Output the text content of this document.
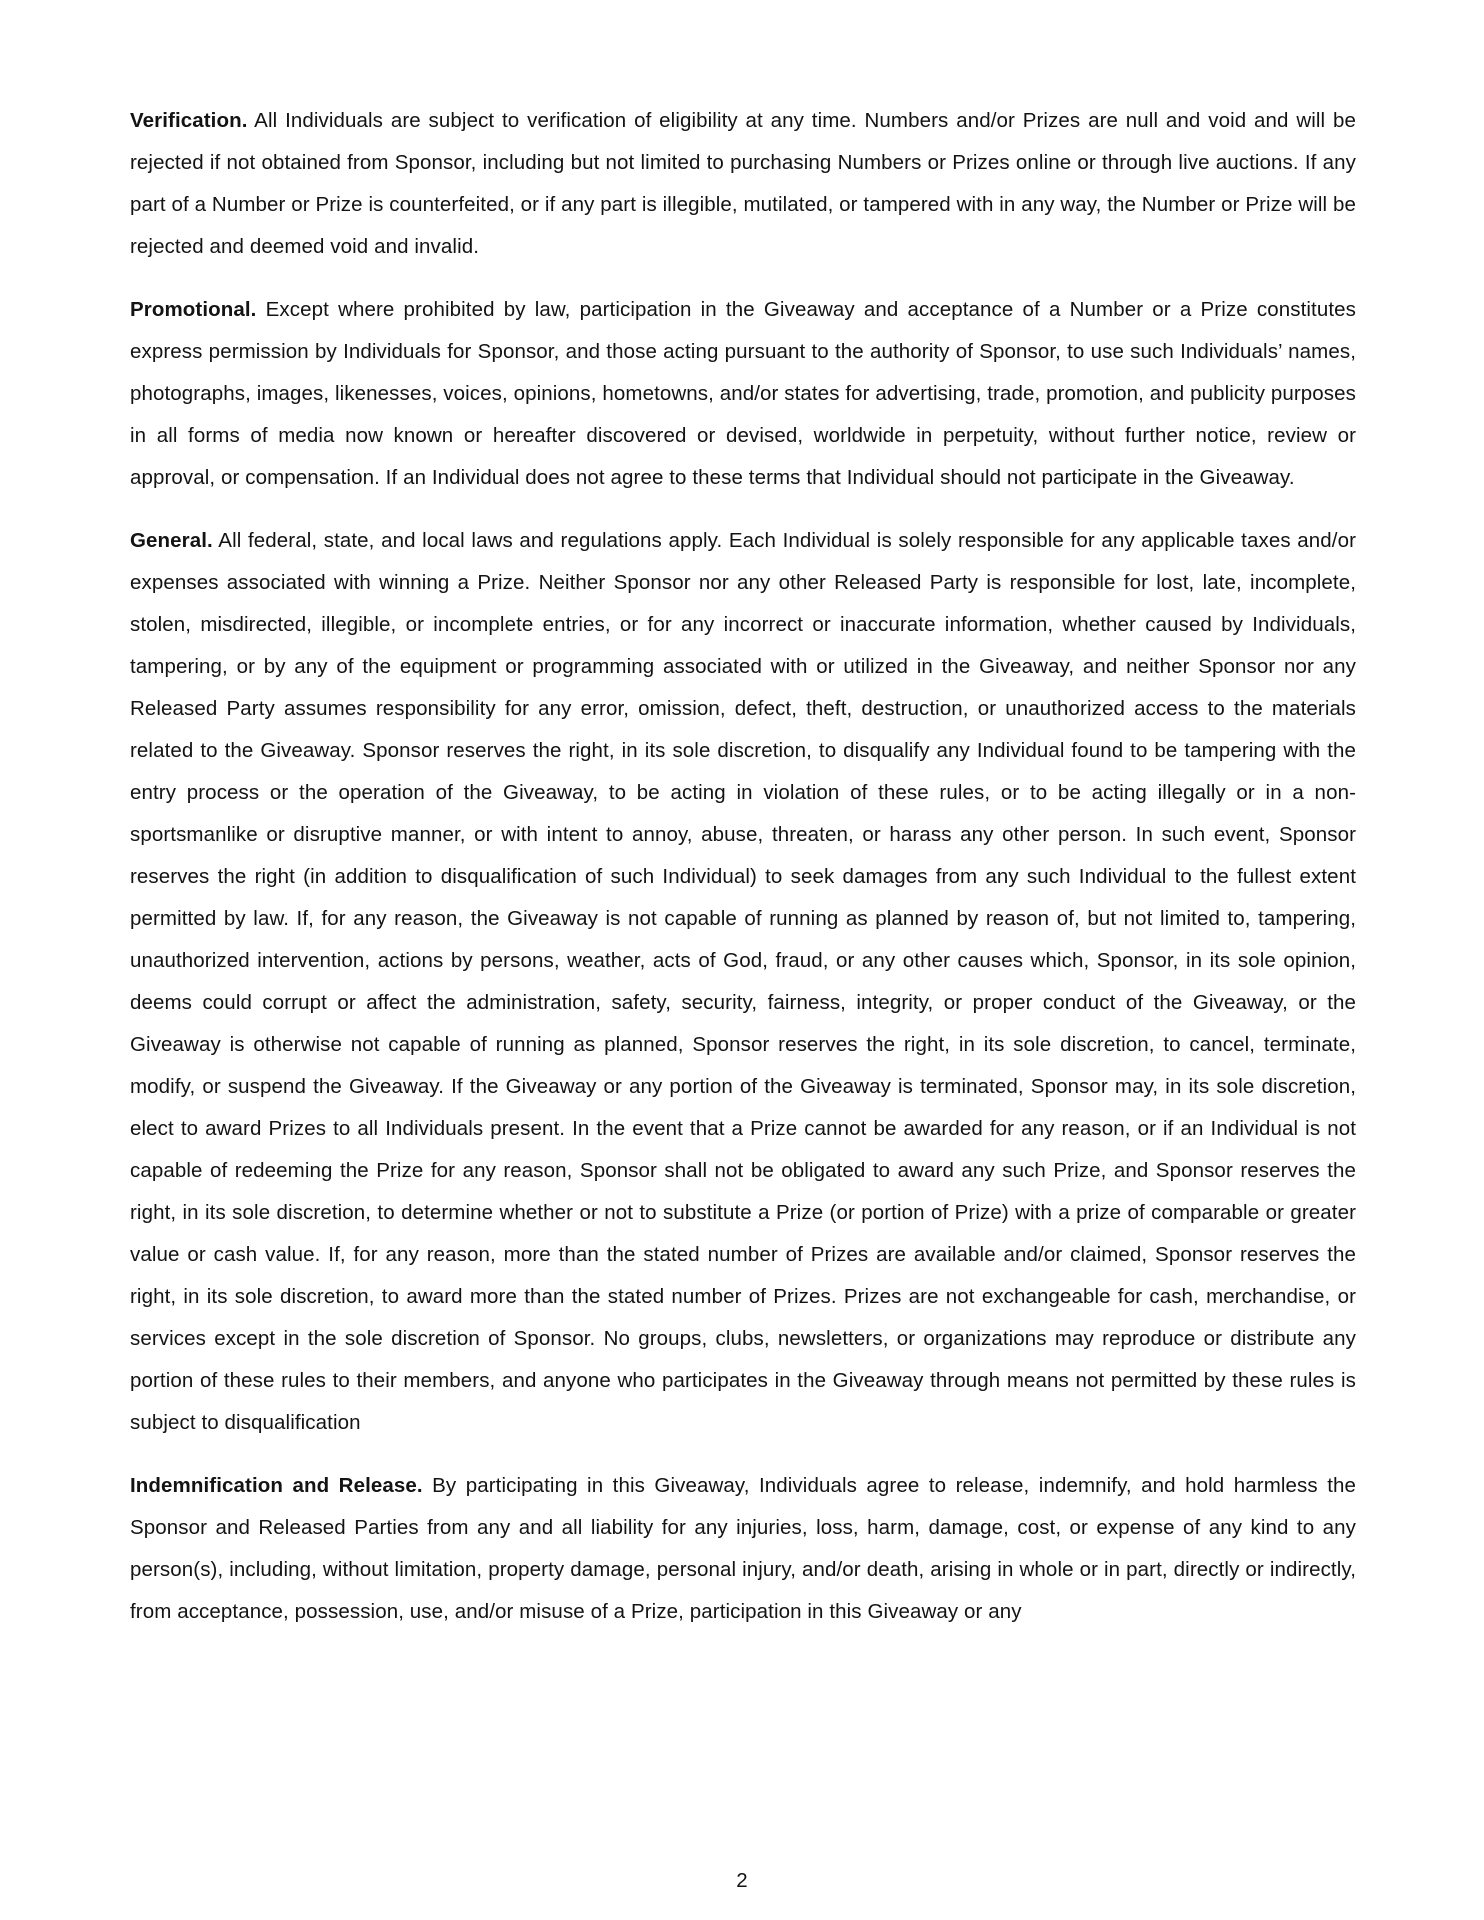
Verification. All Individuals are subject to verification of eligibility at any time. Numbers and/or Prizes are null and void and will be rejected if not obtained from Sponsor, including but not limited to purchasing Numbers or Prizes online or through live auctions. If any part of a Number or Prize is counterfeited, or if any part is illegible, mutilated, or tampered with in any way, the Number or Prize will be rejected and deemed void and invalid.

Promotional. Except where prohibited by law, participation in the Giveaway and acceptance of a Number or a Prize constitutes express permission by Individuals for Sponsor, and those acting pursuant to the authority of Sponsor, to use such Individuals’ names, photographs, images, likenesses, voices, opinions, hometowns, and/or states for advertising, trade, promotion, and publicity purposes in all forms of media now known or hereafter discovered or devised, worldwide in perpetuity, without further notice, review or approval, or compensation. If an Individual does not agree to these terms that Individual should not participate in the Giveaway.

General. All federal, state, and local laws and regulations apply. Each Individual is solely responsible for any applicable taxes and/or expenses associated with winning a Prize. Neither Sponsor nor any other Released Party is responsible for lost, late, incomplete, stolen, misdirected, illegible, or incomplete entries, or for any incorrect or inaccurate information, whether caused by Individuals, tampering, or by any of the equipment or programming associated with or utilized in the Giveaway, and neither Sponsor nor any Released Party assumes responsibility for any error, omission, defect, theft, destruction, or unauthorized access to the materials related to the Giveaway. Sponsor reserves the right, in its sole discretion, to disqualify any Individual found to be tampering with the entry process or the operation of the Giveaway, to be acting in violation of these rules, or to be acting illegally or in a non-sportsmanlike or disruptive manner, or with intent to annoy, abuse, threaten, or harass any other person. In such event, Sponsor reserves the right (in addition to disqualification of such Individual) to seek damages from any such Individual to the fullest extent permitted by law. If, for any reason, the Giveaway is not capable of running as planned by reason of, but not limited to, tampering, unauthorized intervention, actions by persons, weather, acts of God, fraud, or any other causes which, Sponsor, in its sole opinion, deems could corrupt or affect the administration, safety, security, fairness, integrity, or proper conduct of the Giveaway, or the Giveaway is otherwise not capable of running as planned, Sponsor reserves the right, in its sole discretion, to cancel, terminate, modify, or suspend the Giveaway. If the Giveaway or any portion of the Giveaway is terminated, Sponsor may, in its sole discretion, elect to award Prizes to all Individuals present. In the event that a Prize cannot be awarded for any reason, or if an Individual is not capable of redeeming the Prize for any reason, Sponsor shall not be obligated to award any such Prize, and Sponsor reserves the right, in its sole discretion, to determine whether or not to substitute a Prize (or portion of Prize) with a prize of comparable or greater value or cash value. If, for any reason, more than the stated number of Prizes are available and/or claimed, Sponsor reserves the right, in its sole discretion, to award more than the stated number of Prizes. Prizes are not exchangeable for cash, merchandise, or services except in the sole discretion of Sponsor. No groups, clubs, newsletters, or organizations may reproduce or distribute any portion of these rules to their members, and anyone who participates in the Giveaway through means not permitted by these rules is subject to disqualification

Indemnification and Release. By participating in this Giveaway, Individuals agree to release, indemnify, and hold harmless the Sponsor and Released Parties from any and all liability for any injuries, loss, harm, damage, cost, or expense of any kind to any person(s), including, without limitation, property damage, personal injury, and/or death, arising in whole or in part, directly or indirectly, from acceptance, possession, use, and/or misuse of a Prize, participation in this Giveaway or any

2
